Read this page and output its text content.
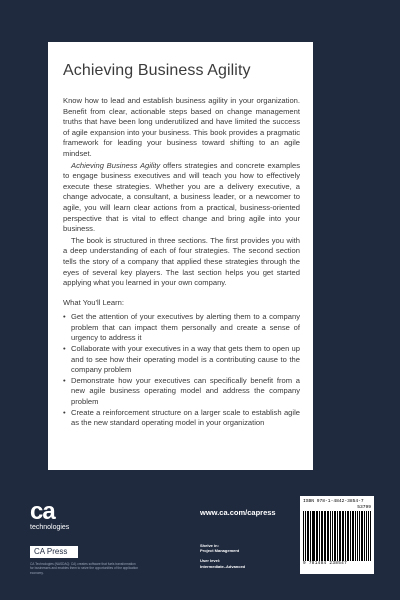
Achieving Business Agility

Know how to lead and establish business agility in your organization. Benefit from clear, actionable steps based on change management truths that have been long underutilized and have limited the success of agile expansion into your business. This book provides a pragmatic framework for leading your business toward shifting to an agile mindset.

Achieving Business Agility offers strategies and concrete examples to engage business executives and will teach you how to effectively execute these strategies. Whether you are a delivery executive, a change advocate, a consultant, a business leader, or a newcomer to agile, you will learn clear actions from a practical, business-oriented perspective that is vital to effect change and bring agile into your business.

The book is structured in three sections. The first provides you with a deep understanding of each of four strategies. The second section tells the story of a company that applied these strategies through the eyes of several key players. The last section helps you get started applying what you learned in your own company.

What You'll Learn:
• Get the attention of your executives by alerting them to a company problem that can impact them personally and create a sense of urgency to address it
• Collaborate with your executives in a way that gets them to open up and to see how their operating model is a contributing cause to the company problem
• Demonstrate how your executives can specifically benefit from a new agile business operating model and address the company problem
• Create a reinforcement structure on a larger scale to establish agile as the new standard operating model in your organization
ca
technologies
CA Press
CA Technologies (NASDAQ: CA) creates software that fuels transformation for businesses and enables them to seize the opportunities of the application economy.
www.ca.com/capress
Shelve in:
Project Management
User level:
Intermediate–Advanced
ISBN 978-1-4842-3854-7
53799
9 781484 238547
